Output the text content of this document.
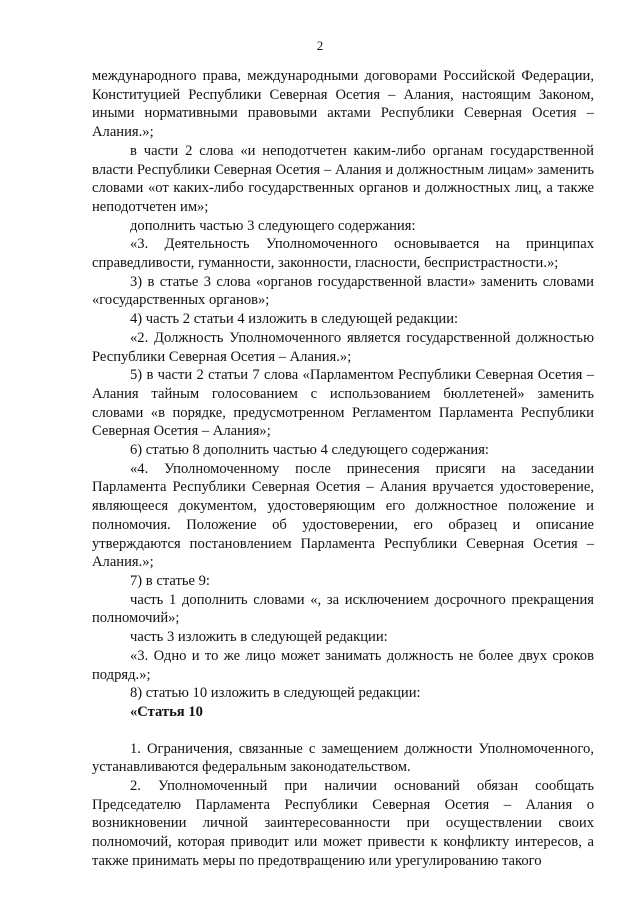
2

международного права, международными договорами Российской Федерации, Конституцией Республики Северная Осетия – Алания, настоящим Законом, иными нормативными правовыми актами Республики Северная Осетия – Алания.»;

в части 2 слова «и неподотчетен каким-либо органам государственной власти Республики Северная Осетия – Алания и должностным лицам» заменить словами «от каких-либо государственных органов и должностных лиц, а также неподотчетен им»;

дополнить частью 3 следующего содержания:

«3. Деятельность Уполномоченного основывается на принципах справедливости, гуманности, законности, гласности, беспристрастности.»;

3) в статье 3 слова «органов государственной власти» заменить словами «государственных органов»;

4) часть 2 статьи 4 изложить в следующей редакции:

«2. Должность Уполномоченного является государственной должностью Республики Северная Осетия – Алания.»;

5) в части 2 статьи 7 слова «Парламентом Республики Северная Осетия – Алания тайным голосованием с использованием бюллетеней» заменить словами «в порядке, предусмотренном Регламентом Парламента Республики Северная Осетия – Алания»;

6) статью 8 дополнить частью 4 следующего содержания:

«4. Уполномоченному после принесения присяги на заседании Парламента Республики Северная Осетия – Алания вручается удостоверение, являющееся документом, удостоверяющим его должностное положение и полномочия. Положение об удостоверении, его образец и описание утверждаются постановлением Парламента Республики Северная Осетия – Алания.»;

7) в статье 9:

часть 1 дополнить словами «, за исключением досрочного прекращения полномочий»;

часть 3 изложить в следующей редакции:

«3. Одно и то же лицо может занимать должность не более двух сроков подряд.»;

8) статью 10 изложить в следующей редакции:

«Статья 10

1. Ограничения, связанные с замещением должности Уполномоченного, устанавливаются федеральным законодательством.

2. Уполномоченный при наличии оснований обязан сообщать Председателю Парламента Республики Северная Осетия – Алания о возникновении личной заинтересованности при осуществлении своих полномочий, которая приводит или может привести к конфликту интересов, а также принимать меры по предотвращению или урегулированию такого
